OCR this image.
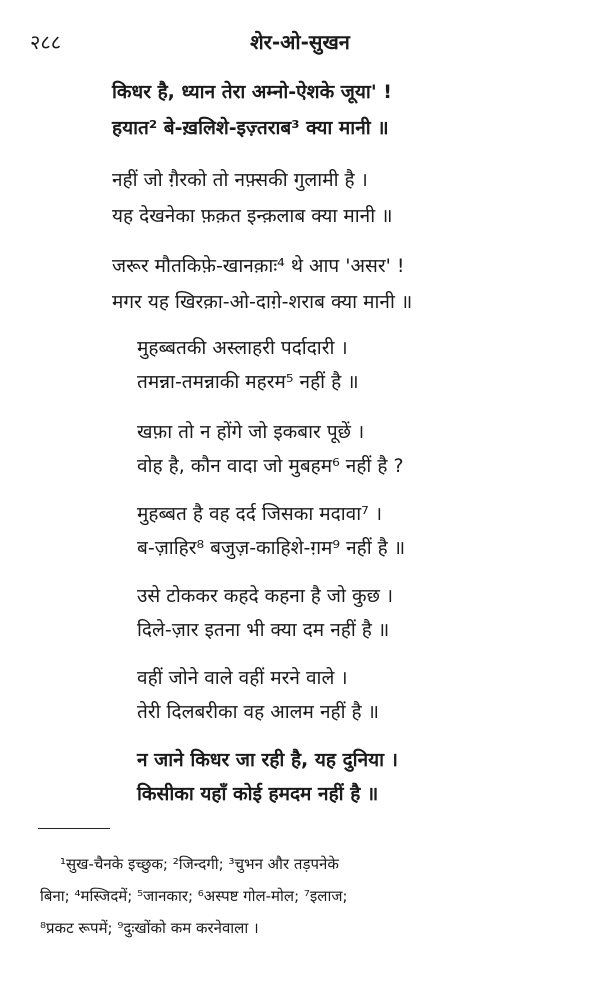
२८८	शेर-ओ-सुखन
किधर है, ध्यान तेरा अम्नो-ऐशके जूया' !
हयात² बे-ख़लिशे-इज़्तराब³ क्या मानी ॥
नहीं जो ग़ैरको तो नफ़्सकी गुलामी है ।
यह देखनेका फ़क़त इन्क़लाब क्या मानी ॥
जरूर मौतकिफ़े-खानक़ाः⁴ थे आप 'असर' !
मगर यह खिरक़ा-ओ-दाग़े-शराब क्या मानी ॥
मुहब्बतकी अस्लाहरी पर्दादारी ।
तमन्ना-तमन्नाकी महरम⁵ नहीं है ॥
खफ़ा तो न होंगे जो इकबार पूछें ।
वोह है, कौन वादा जो मुबहम⁶ नहीं है ?
मुहब्बत है वह दर्द जिसका मदावा⁷ ।
ब-ज़ाहिर⁸ बजुज़-काहिशे-ग़म⁹ नहीं है ॥
उसे टोककर कहदे कहना है जो कुछ ।
दिले-ज़ार इतना भी क्या दम नहीं है ॥
वहीं जोने वाले वहीं मरने वाले ।
तेरी दिलबरीका वह आलम नहीं है ॥
न जाने किधर जा रही है, यह दुनिया ।
किसीका यहाँ कोई हमदम नहीं है ॥
¹सुख-चैनके इच्छुक; ²जिन्दगी; ³चुभन और तड़पनेके
बिना; ⁴मस्जिदमें; ⁵जानकार; ⁶अस्पष्ट गोल-मोल; ⁷इलाज;
⁸प्रकट रूपमें; ⁹दुःखोंको कम करनेवाला ।
